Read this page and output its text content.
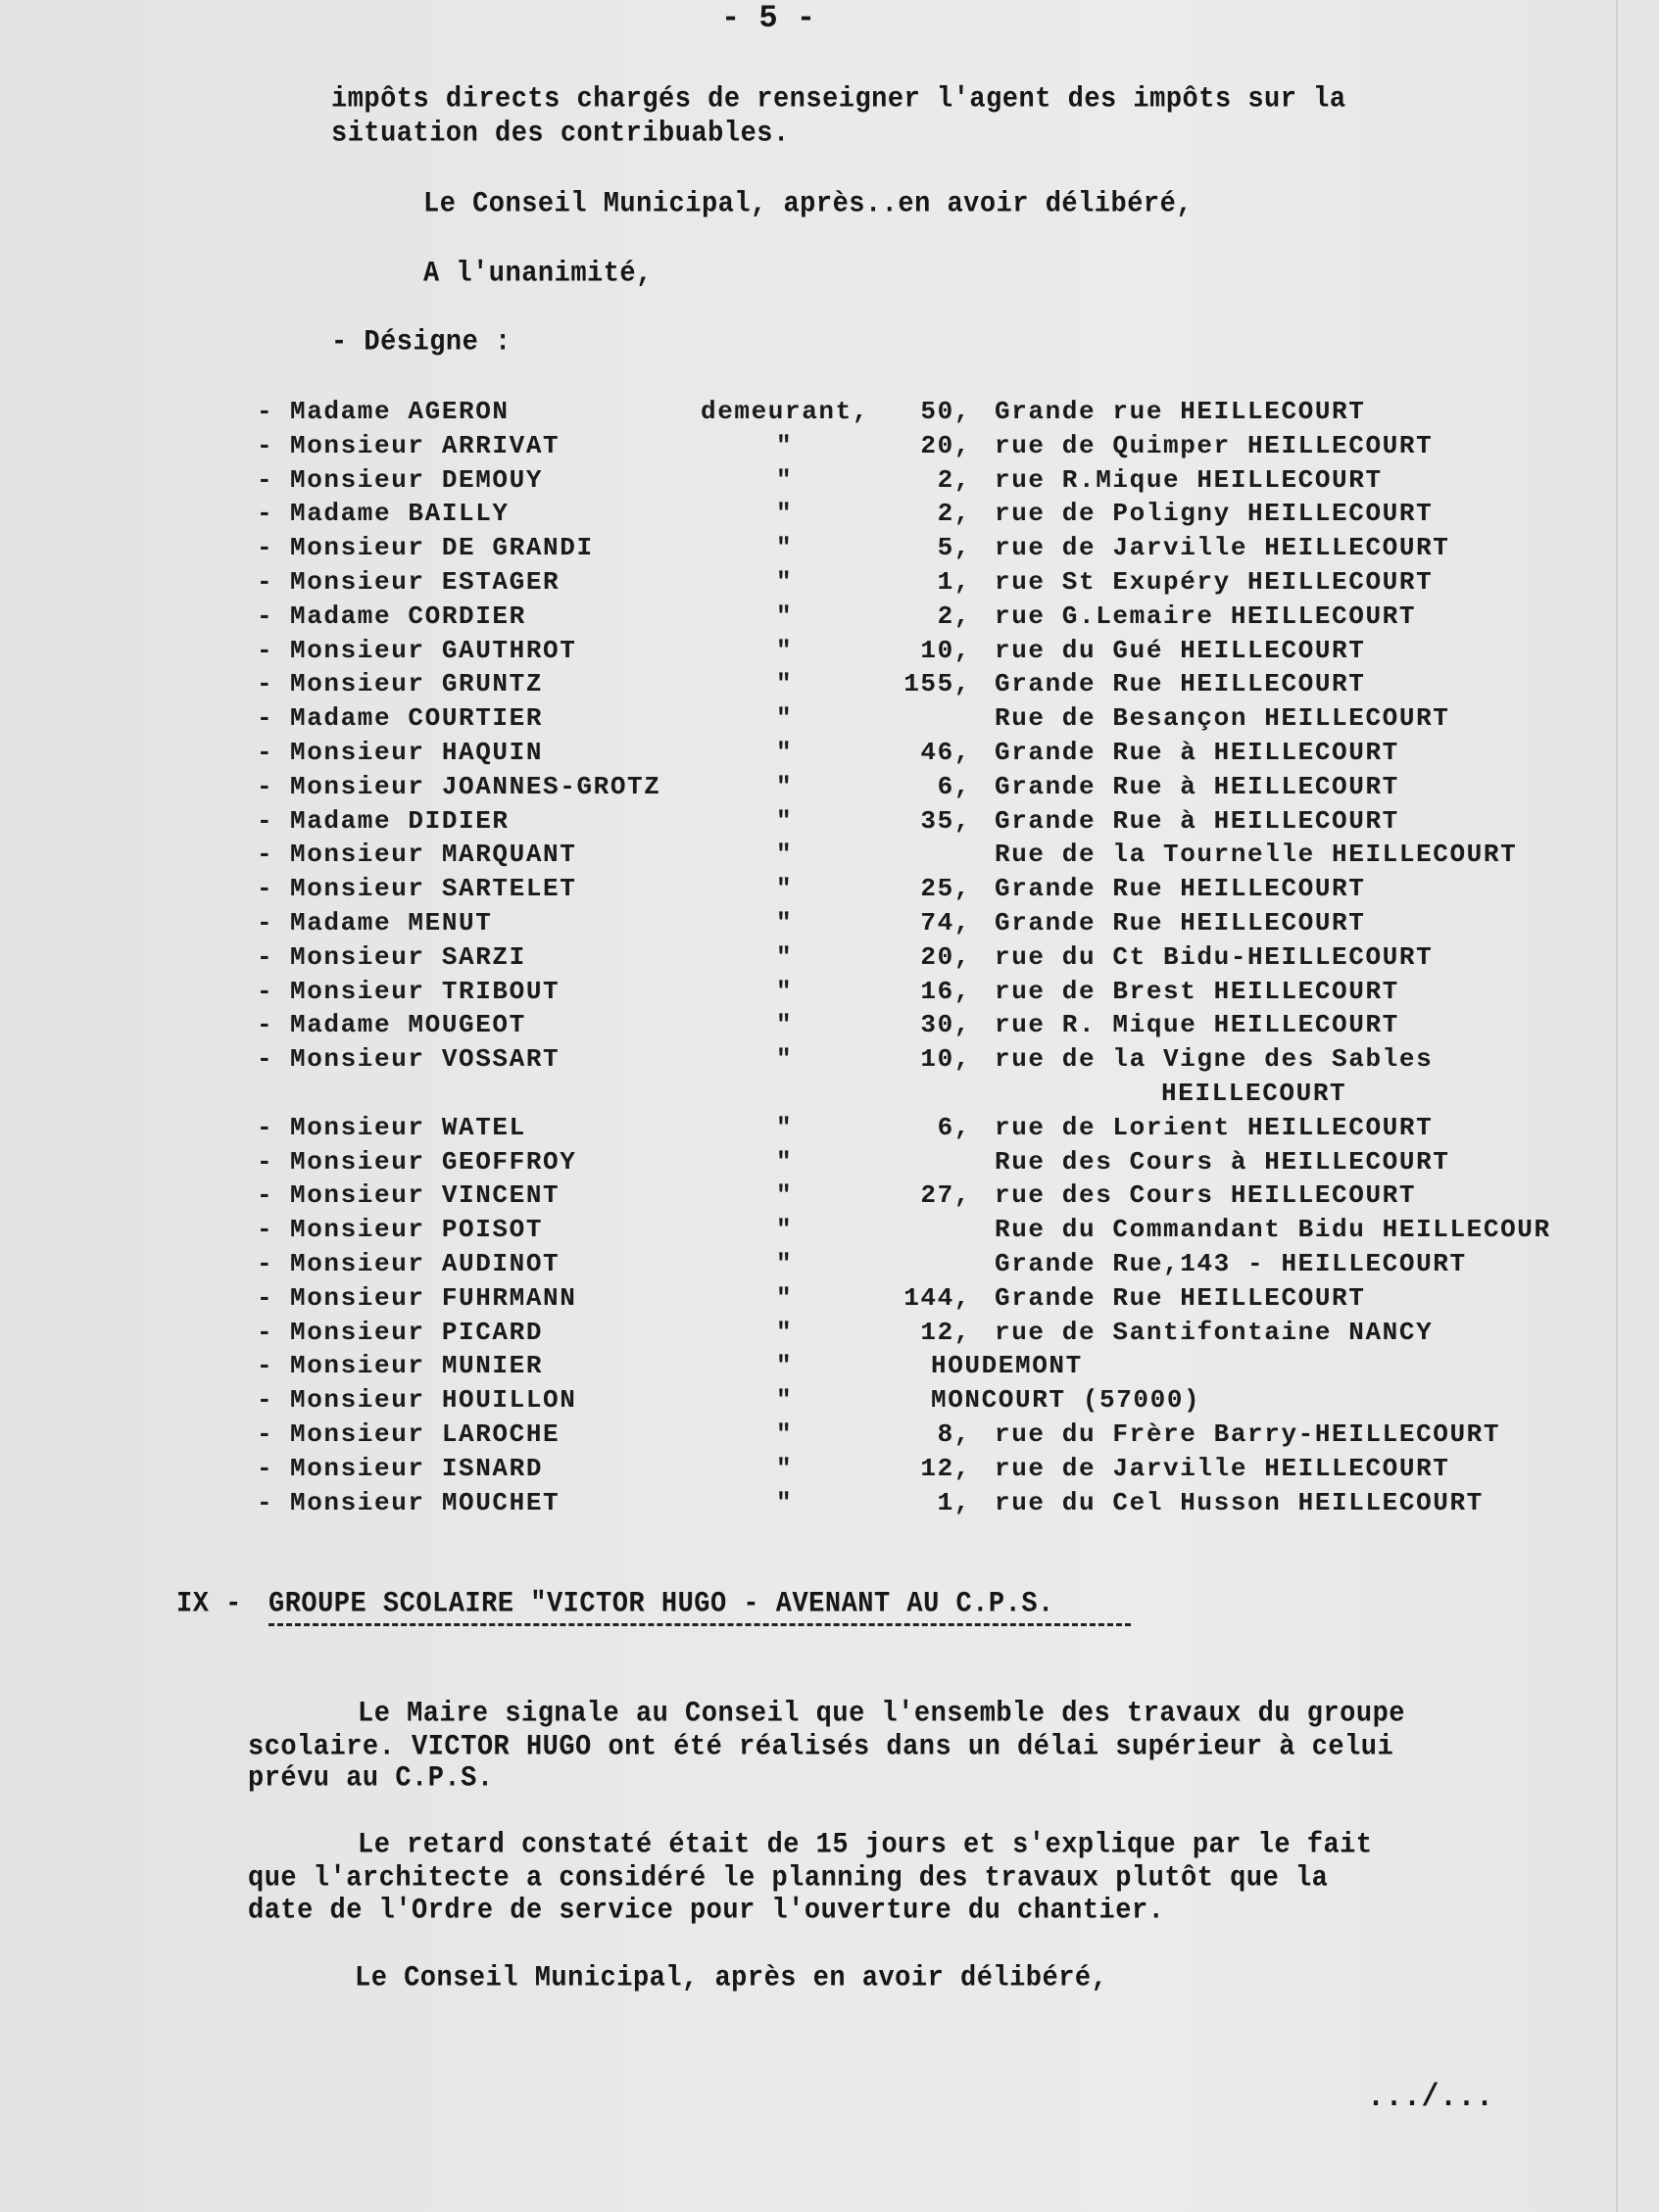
- 5 -
impôts directs chargés de renseigner l'agent des impôts sur la
situation des contribuables.
Le Conseil Municipal, après..en avoir délibéré,
A l'unanimité,
- Désigne :
- Madame AGERON	demeurant, 50, Grande rue HEILLECOURT
- Monsieur ARRIVAT	"	20, rue de Quimper HEILLECOURT
- Monsieur DEMOUY	"	2, rue R.Mique HEILLECOURT
- Madame BAILLY	"	2, rue de Poligny HEILLECOURT
- Monsieur DE GRANDI	"	5, rue de Jarville HEILLECOURT
- Monsieur ESTAGER	"	1, rue St Exupéry HEILLECOURT
- Madame CORDIER	"	2, rue G.Lemaire HEILLECOURT
- Monsieur GAUTHROT	"	10, rue du Gué HEILLECOURT
- Monsieur GRUNTZ	"	155, Grande Rue HEILLECOURT
- Madame COURTIER	"	Rue de Besançon HEILLECOURT
- Monsieur HAQUIN	"	46, Grande Rue à HEILLECOURT
- Monsieur JOANNES-GROTZ	"	6, Grande Rue à HEILLECOURT
- Madame DIDIER	"	35, Grande Rue à HEILLECOURT
- Monsieur MARQUANT	"	Rue de la Tournelle HEILLECOURT
- Monsieur SARTELET	"	25, Grande Rue HEILLECOURT
- Madame MENUT	"	74, Grande Rue HEILLECOURT
- Monsieur SARZI	"	20, rue du Ct Bidu-HEILLECOURT
- Monsieur TRIBOUT	"	16, rue de Brest HEILLECOURT
- Madame MOUGEOT	"	30, rue R. Mique HEILLECOURT
- Monsieur VOSSART	"	10, rue de la Vigne des Sables
HEILLECOURT
- Monsieur WATEL	"	6, rue de Lorient HEILLECOURT
- Monsieur GEOFFROY	"	Rue des Cours à HEILLECOURT
- Monsieur VINCENT	"	27, rue des Cours HEILLECOURT
- Monsieur POISOT	"	Rue du Commandant Bidu HEILLECOUR
- Monsieur AUDINOT	"	Grande Rue,143 - HEILLECOURT
- Monsieur FUHRMANN	"	144, Grande Rue HEILLECOURT
- Monsieur PICARD	"	12, rue de Santifontaine NANCY
- Monsieur MUNIER	"	HOUDEMONT
- Monsieur HOUILLON	"	MONCOURT (57000)
- Monsieur LAROCHE	"	8, rue du Frère Barry-HEILLECOURT
- Monsieur ISNARD	"	12, rue de Jarville HEILLECOURT
- Monsieur MOUCHET	"	1, rue du Cel Husson HEILLECOURT
IX - GROUPE SCOLAIRE "VICTOR HUGO - AVENANT AU C.P.S.
Le Maire signale au Conseil que l'ensemble des travaux du groupe
scolaire. VICTOR HUGO ont été réalisés dans un délai supérieur à celui
prévu au C.P.S.
Le retard constaté était de 15 jours et s'explique par le fait
que l'architecte a considéré le planning des travaux plutôt que la
date de l'Ordre de service pour l'ouverture du chantier.
Le Conseil Municipal, après en avoir délibéré,
.../...
